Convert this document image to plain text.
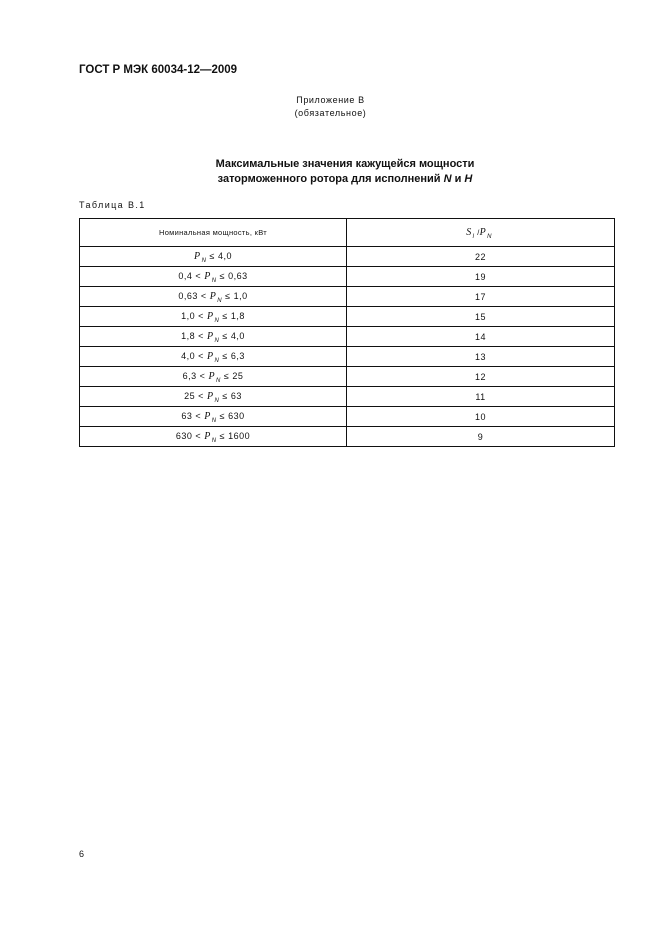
ГОСТ Р МЭК 60034-12—2009
Приложение В
(обязательное)
Максимальные значения кажущейся мощности
заторможенного ротора для исполнений N и H
Таблица В.1
Номинальная мощность, кВт	$S_l$ $/P_N$
$P_N \le 4,0$	22
$0,4 < P_N \le 0,63$	19
$0,63 < P_N \le 1,0$	17
$1,0 < P_N \le 1,8$	15
$1,8 < P_N \le 4,0$	14
$4,0 < P_N \le 6,3$	13
$6,3 < P_N \le 25$	12
$25 < P_N \le 63$	11
$63 < P_N \le 630$	10
$630 < P_N \le 1600$	9
6
